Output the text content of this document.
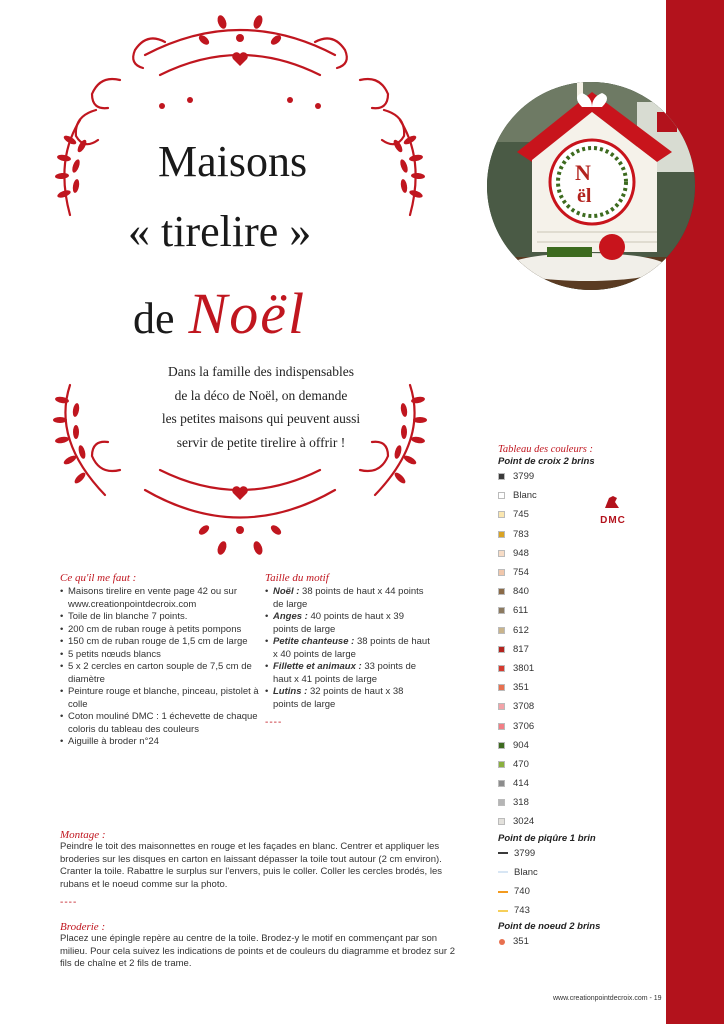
Maisons
« tirelire »
de Noël
Dans la famille des indispensables
de la déco de Noël, on demande
les petites maisons qui peuvent aussi
servir de petite tirelire à offrir !
N
ël
Ce qu'il me faut :
• Maisons tirelire en vente page 42 ou sur www.creationpointdecroix.com
• Toile de lin blanche 7 points.
• 200 cm de ruban rouge à petits pompons
• 150 cm de ruban rouge de 1,5 cm de large
• 5 petits nœuds blancs
• 5 x 2 cercles en carton souple de 7,5 cm de diamètre
• Peinture rouge et blanche, pinceau, pistolet à colle
• Coton mouliné DMC : 1 échevette de chaque coloris du tableau des couleurs
• Aiguille à broder n°24
Taille du motif
• Noël : 38 points de haut x 44 points de large
• Anges : 40 points de haut x 39 points de large
• Petite chanteuse : 38 points de haut x 40 points de large
• Fillette et animaux : 33 points de haut x 41 points de large
• Lutins : 32 points de haut x 38 points de large
----
Montage :
Peindre le toit des maisonnettes en rouge et les façades en blanc. Centrer et appliquer les broderies sur les disques en carton en laissant dépasser la toile tout autour (2 cm environ). Cranter la toile. Rabattre le surplus sur l'envers, puis le coller. Coller les cercles brodés, les rubans et le noeud comme sur la photo.
----
Broderie :
Placez une épingle repère au centre de la toile. Brodez-y le motif en commençant par son milieu. Pour cela suivez les indications de points et de couleurs du diagramme et brodez sur 2 fils de chaîne et 2 fils de trame.
Tableau des couleurs :
Point de croix 2 brins
3799
Blanc
745
783
948
754
840
611
612
817
3801
351
3708
3706
904
470
414
318
3024
Point de piqûre 1 brin
3799
Blanc
740
743
Point de noeud 2 brins
351
DMC
www.creationpointdecroix.com - 19
